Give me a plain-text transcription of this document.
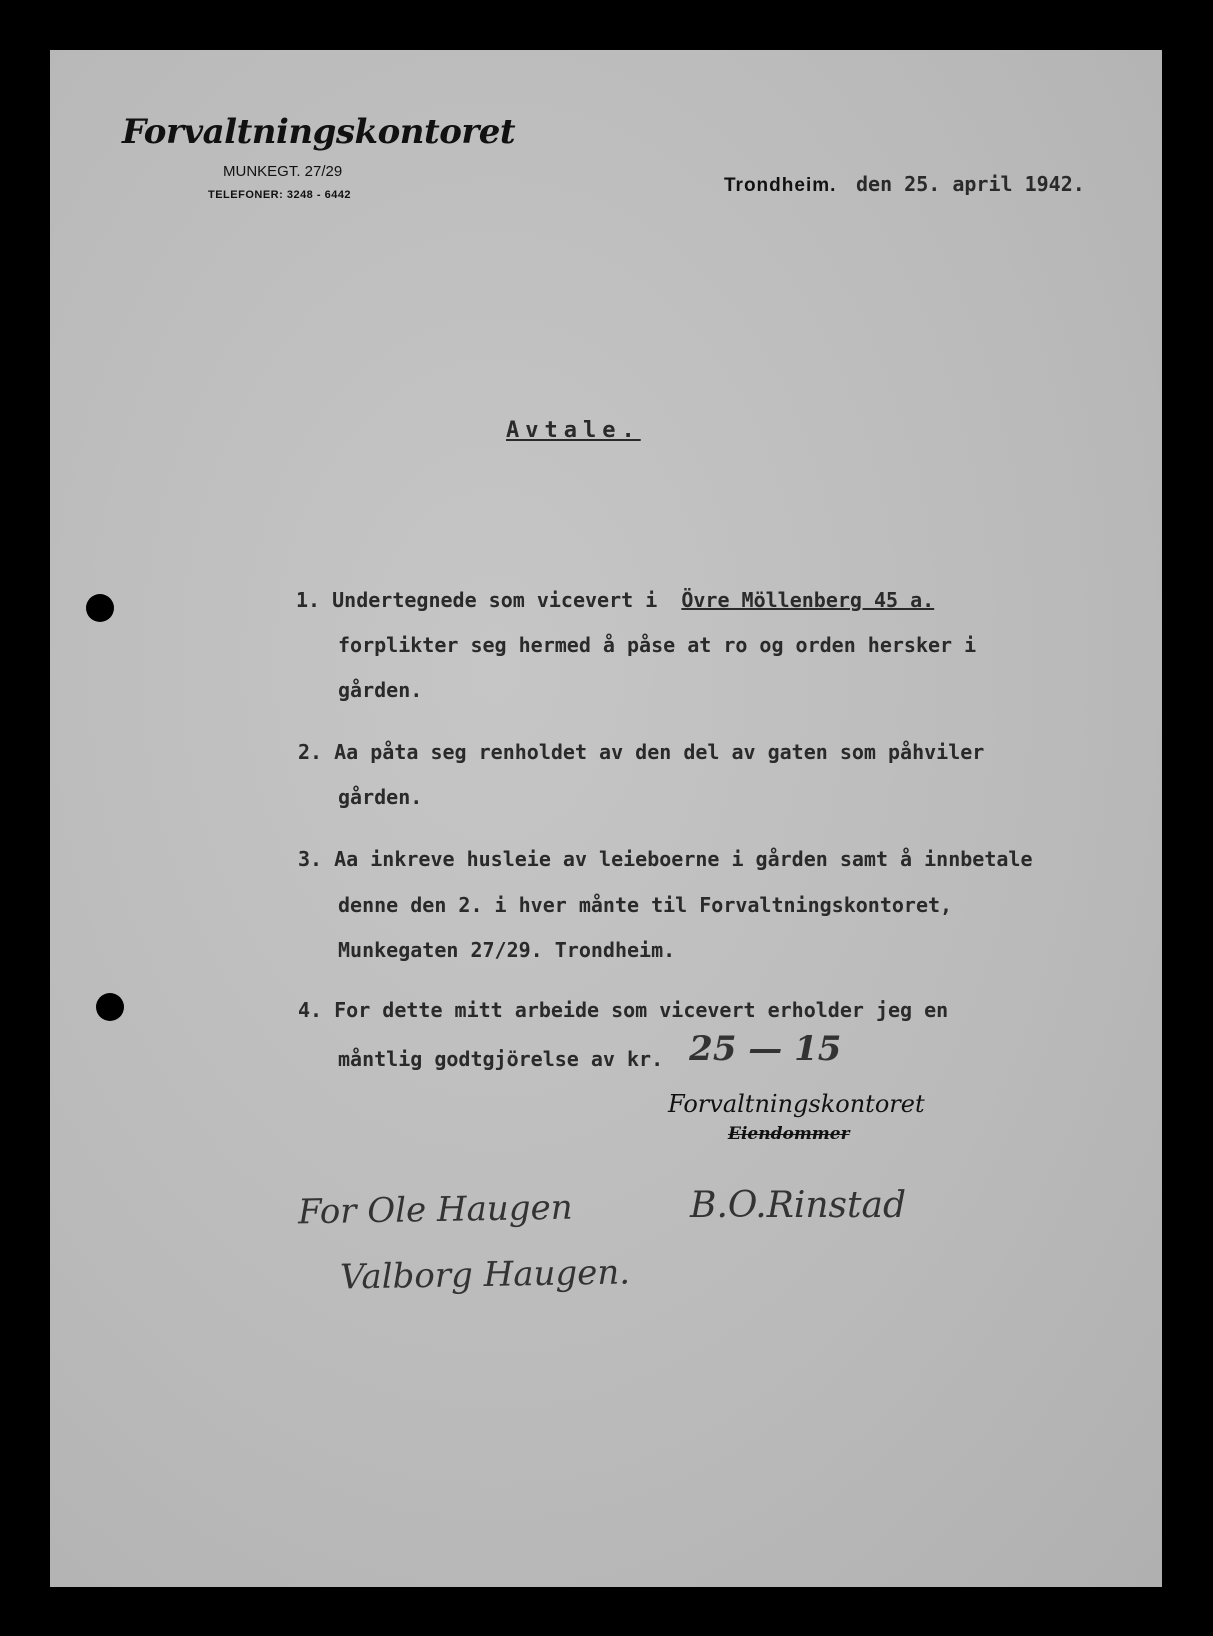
Forvaltningskontoret
MUNKEGT. 27/29
TELEFONER: 3248 - 6442	Trondheim. den 25. april 1942.
Avtale.
1. Undertegnede som vicevert i Övre Möllenberg 45 a.
forplikter seg hermed å påse at ro og orden hersker i
gården.
2. Aa påta seg renholdet av den del av gaten som påhviler
gården.
3. Aa inkreve husleie av leieboerne i gården samt å innbetale
denne den 2. i hver månte til Forvaltningskontoret,
Munkegaten 27/29. Trondheim.
4. For dette mitt arbeide som vicevert erholder jeg en
måntlig godtgjörelse av kr. 25 — 15
Forvaltningskontoret
Eiendommer
For Ole Haugen
Valborg Haugen.
B.O.Rinstad
